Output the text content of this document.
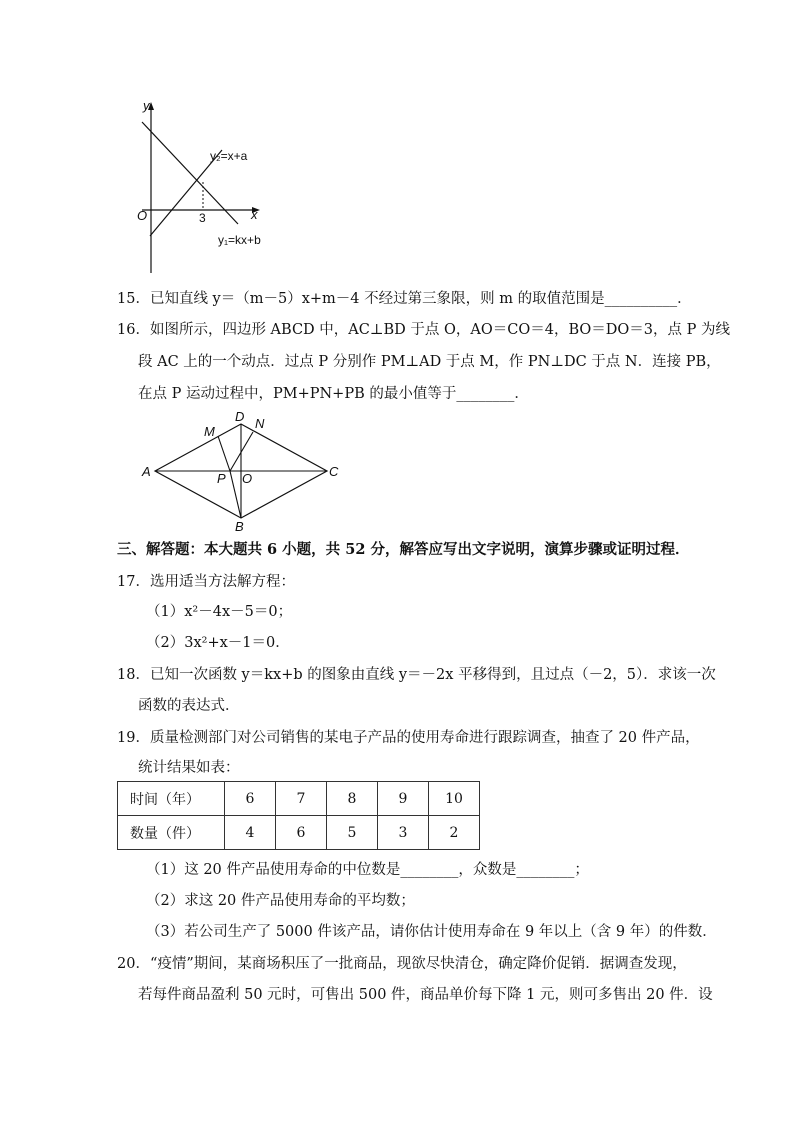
y
x
O	3
y₂=x+a
y₁=kx+b
15．已知直线 y＝（m－5）x+m－4 不经过第三象限，则 m 的取值范围是__________．
16．如图所示，四边形 ABCD 中，AC⊥BD 于点 O，AO＝CO＝4，BO＝DO＝3，点 P 为线
段 AC 上的一个动点．过点 P 分别作 PM⊥AD 于点 M，作 PN⊥DC 于点 N．连接 PB，
在点 P 运动过程中，PM+PN+PB 的最小值等于________．
A
D N
M
C
P O
B
三、解答题：本大题共 6 小题，共 52 分，解答应写出文字说明，演算步骤或证明过程．
17．选用适当方法解方程：
（1）x²－4x－5＝0；
（2）3x²+x－1＝0．
18．已知一次函数 y＝kx+b 的图象由直线 y＝－2x 平移得到，且过点（－2，5）．求该一次
函数的表达式．
19．质量检测部门对公司销售的某电子产品的使用寿命进行跟踪调查，抽查了 20 件产品，
统计结果如表：
时间（年）	6	7	8	9	10
数量（件）	4	6	5	3	2
（1）这 20 件产品使用寿命的中位数是________，众数是________；
（2）求这 20 件产品使用寿命的平均数；
（3）若公司生产了 5000 件该产品，请你估计使用寿命在 9 年以上（含 9 年）的件数．
20．“疫情”期间，某商场积压了一批商品，现欲尽快清仓，确定降价促销．据调查发现，
若每件商品盈利 50 元时，可售出 500 件，商品单价每下降 1 元，则可多售出 20 件．设
